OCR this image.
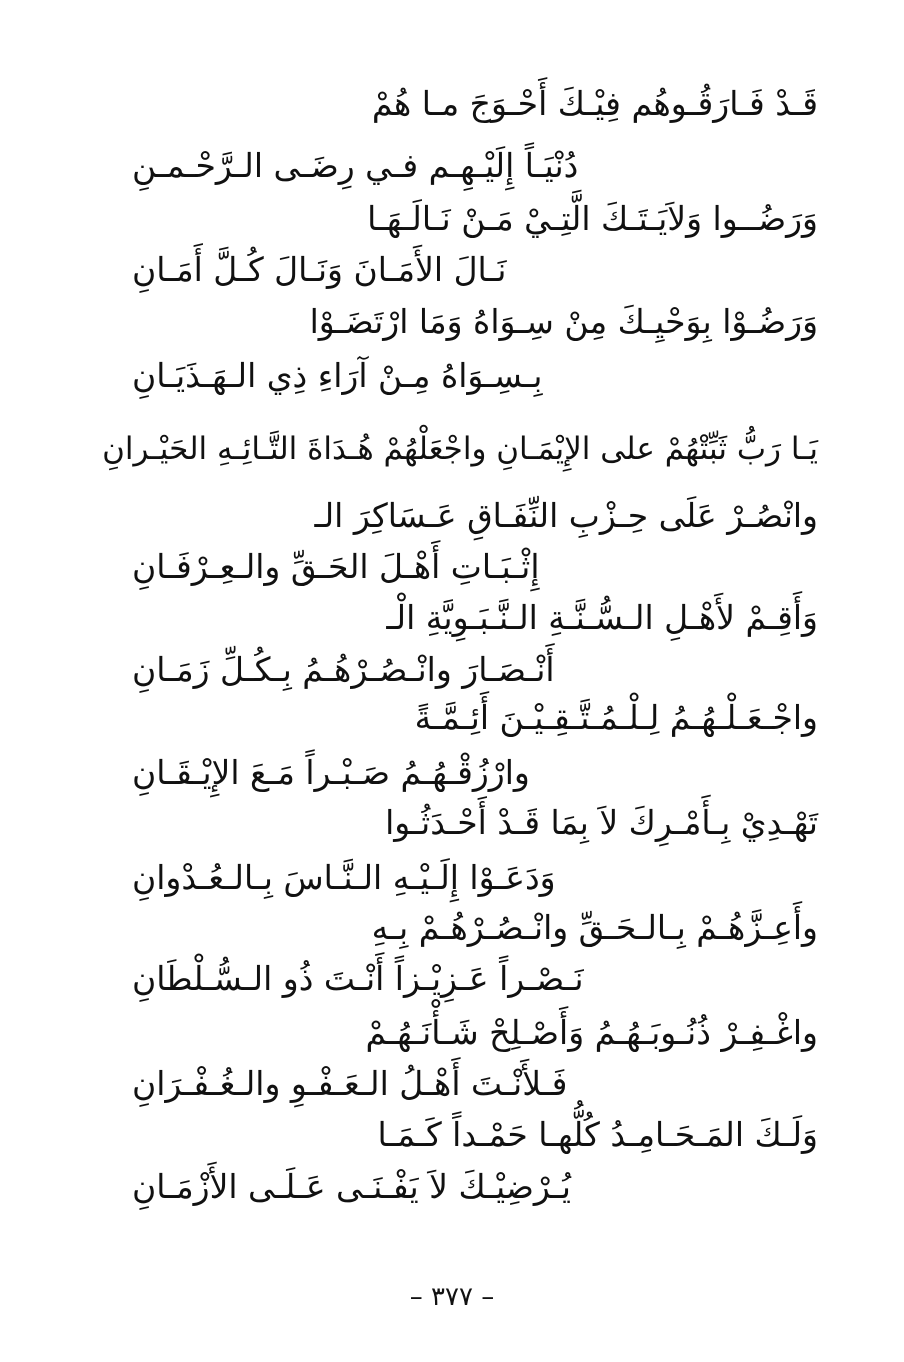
قَـدْ فَـارَقُـوهُم فِيْـكَ أَحْـوَجَ مـا هُمْ
دُنْيَـاً إِلَيْـهِـم فـي رِضَـى الـرَّحْـمـنِ
وَرَضُــوا وَلاَيَـتَـكَ الَّتِـيْ مَـنْ نَـالَـهَـا
نَـالَ الأَمَـانَ وَنَـالَ كُـلَّ أَمَـانِ
وَرَضُـوْا بِوَحْيِـكَ مِنْ سِـوَاهُ وَمَا ارْتَضَـوْا
بِـسِـوَاهُ مِـنْ آرَاءِ ذِي الـهَـذَيَـانِ
يَـا رَبُّ ثَبِّتْهُمْ على الإِيْمَـانِ واجْعَلْهُمْ هُـدَاةَ التَّـائِـهِ الحَيْـرانِ
وانْصُـرْ عَلَى حِـزْبِ النِّفَـاقِ عَـسَاكِرَ الـ
إِثْـبَـاتِ أَهْـلَ الحَـقِّ والـعِـرْفَـانِ
وَأَقِـمْ لأَهْـلِ الـسُّـنَّـةِ الـنَّـبَـوِيَّةِ الْـ
أَنْـصَـارَ وانْـصُـرْهُـمُ بِـكُـلِّ زَمَـانِ
واجْـعَـلْـهُـمُ لِـلْـمُـتَّـقِـيْـنَ أَئِـمَّـةً
وارْزُقْـهُـمُ صَـبْـراً مَـعَ الإِيْـقَـانِ
تَهْـدِيْ بِـأَمْـرِكَ لاَ بِمَا قَـدْ أَحْـدَثُـوا
وَدَعَـوْا إِلَـيْـهِ الـنَّـاسَ بِـالـعُـدْوانِ
وأَعِـزَّهُـمْ بِـالـحَـقِّ وانْـصُـرْهُـمْ بِـهِ
نَـصْـراً عَـزِيْـزاً أَنْـتَ ذُو الـسُّـلْطَانِ
واغْـفِـرْ ذُنُـوبَـهُـمُ وَأَصْـلِحْ شَـأْنَـهُـمْ
فَـلأَنْـتَ أَهْـلُ الـعَـفْـوِ والـغُـفْـرَانِ
وَلَـكَ المَـحَـامِـدُ كُلُّهـا حَمْـداً كَـمَـا
يُـرْضِيْـكَ لاَ يَفْـنَـى عَـلَـى الأَزْمَـانِ
– ٣٧٧ –
